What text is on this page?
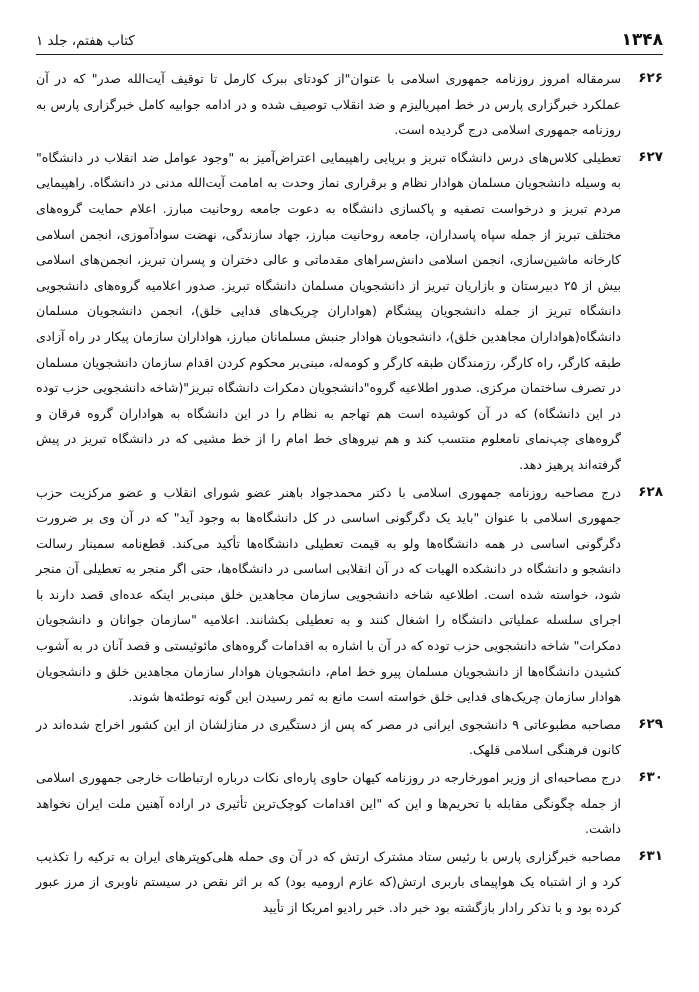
۱۳۴۸
کتاب هفتم، جلد ۱
۶۲۶
سرمقاله امروز روزنامه جمهوری اسلامی با عنوان"از کودتای ببرک کارمل تا توقیف آیت‌الله صدر" که در آن عملکرد خبرگزاری پارس در خط امپریالیزم و ضد انقلاب توصیف شده و در ادامه جوابیه کامل خبرگزاری پارس به روزنامه جمهوری اسلامی درج گردیده است.
۶۲۷
تعطیلی کلاس‌های درس دانشگاه تبریز و برپایی راهپیمایی اعتراض‌آمیز به "وجود عوامل ضد انقلاب در دانشگاه" به وسیله دانشجویان مسلمان هوادار نظام و برقراری نماز وحدت به امامت آیت‌الله مدنی در دانشگاه. راهپیمایی مردم تبریز و درخواست تصفیه و پاکسازی دانشگاه به دعوت جامعه روحانیت مبارز. اعلام حمایت گروه‌های مختلف تبریز از جمله سپاه پاسداران، جامعه روحانیت مبارز، جهاد سازندگی، نهضت سوادآموزی، انجمن اسلامی کارخانه ماشین‌سازی، انجمن اسلامی دانش‌سراهای مقدماتی و عالی دختران و پسران تبریز، انجمن‌های اسلامی بیش از ۲۵ دبیرستان و بازاریان تبریز از دانشجویان مسلمان دانشگاه تبریز. صدور اعلامیه گروه‌های دانشجویی دانشگاه تبریز از جمله دانشجویان پیشگام (هواداران چریک‌های فدایی خلق)، انجمن دانشجویان مسلمان دانشگاه(هواداران مجاهدین خلق)، دانشجویان هوادار جنبش مسلمانان مبارز، هواداران سازمان پیکار در راه آزادی طبقه کارگر، راه کارگر، رزمندگان طبقه کارگر و کومه‌له، مبنی‌بر محکوم کردن اقدام سازمان دانشجویان مسلمان در تصرف ساختمان مرکزی. صدور اطلاعیه گروه"دانشجویان دمکرات دانشگاه تبریز"(شاخه دانشجویی حزب توده در این دانشگاه) که در آن کوشیده است هم تهاجم به نظام را در این دانشگاه به هواداران گروه فرقان و گروه‌های چپ‌نمای نامعلوم منتسب کند و هم نیروهای خط امام را از خط مشیی که در دانشگاه تبریز در پیش گرفته‌اند پرهیز دهد.
۶۲۸
درج مصاحبه روزنامه جمهوری اسلامی با دکتر محمدجواد باهنر عضو شورای انقلاب و عضو مرکزیت حزب جمهوری اسلامی با عنوان "باید یک دگرگونی اساسی در کل دانشگاه‌ها به وجود آید" که در آن وی بر ضرورت دگرگونی اساسی در همه دانشگاه‌ها ولو به قیمت تعطیلی دانشگاه‌ها تأکید می‌کند. قطع‌نامه سمینار رسالت دانشجو و دانشگاه در دانشکده الهیات که در آن انقلابی اساسی در دانشگاه‌ها، حتی اگر منجر به تعطیلی آن منجر شود، خواسته شده است. اطلاعیه شاخه دانشجویی سازمان مجاهدین خلق مبنی‌بر اینکه عده‌ای قصد دارند با اجرای سلسله عملیاتی دانشگاه را اشغال کنند و به تعطیلی بکشانند. اعلامیه "سازمان جوانان و دانشجویان دمکرات" شاخه دانشجویی حزب توده که در آن با اشاره به اقدامات گروه‌های مائوئیستی و قصد آنان در به آشوب کشیدن دانشگاه‌ها از دانشجویان مسلمان پیرو خط امام، دانشجویان هوادار سازمان مجاهدین خلق و دانشجویان هوادار سازمان چریک‌های فدایی خلق خواسته است مانع به ثمر رسیدن این گونه توطئه‌ها شوند.
۶۲۹
مصاحبه مطبوعاتی ۹ دانشجوی ایرانی در مصر که پس از دستگیری در منازلشان از این کشور اخراج شده‌اند در کانون فرهنگی اسلامی قلهک.
۶۳۰
درج مصاحبه‌ای از وزیر امورخارجه در روزنامه کیهان حاوی پاره‌ای نکات درباره ارتباطات خارجی جمهوری اسلامی از جمله چگونگی مقابله با تحریم‌ها و این که "این اقدامات کوچک‌ترین تأثیری در اراده آهنین ملت ایران نخواهد داشت.
۶۳۱
مصاحبه خبرگزاری پارس با رئیس ستاد مشترک ارتش که در آن وی حمله هلی‌کوپترهای ایران به ترکیه را تکذیب کرد و از اشتباه یک هواپیمای باربری ارتش(که عازم ارومیه بود) که بر اثر نقص در سیستم ناوبری از مرز عبور کرده بود و با تذکر رادار بازگشته بود خبر داد. خبر رادیو امریکا از تأیید
